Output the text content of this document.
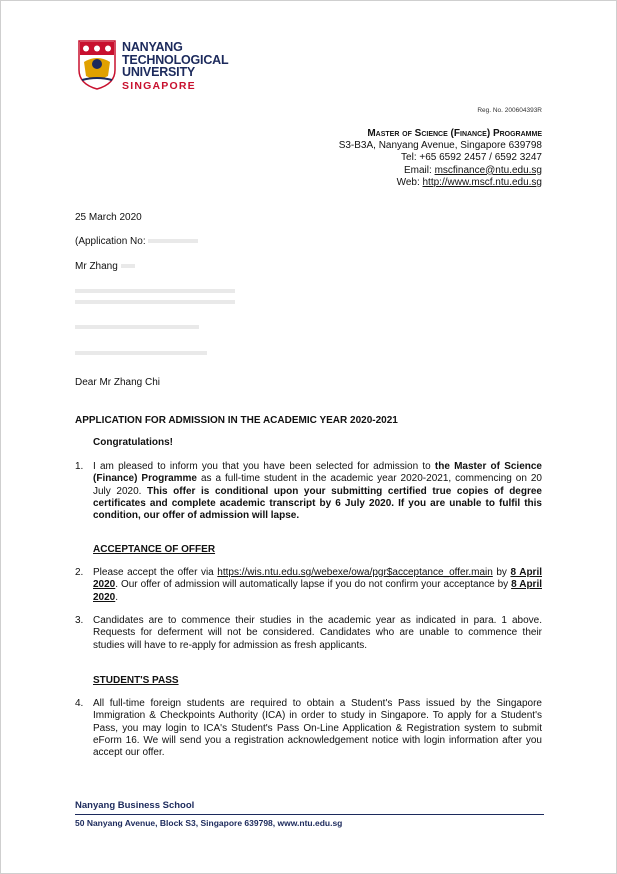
NANYANG
TECHNOLOGICAL
UNIVERSITY
SINGAPORE
Reg. No. 200604393R
Master of Science (Finance) Programme
S3-B3A, Nanyang Avenue, Singapore 639798
Tel: +65 6592 2457 / 6592 3247
Email: mscfinance@ntu.edu.sg
Web: http://www.mscf.ntu.edu.sg
25 March 2020
(Application No:
Mr Zhang
Dear Mr Zhang Chi
APPLICATION FOR ADMISSION IN THE ACADEMIC YEAR 2020-2021
Congratulations!
1. I am pleased to inform you that you have been selected for admission to the Master of Science (Finance) Programme as a full-time student in the academic year 2020-2021, commencing on 20 July 2020. This offer is conditional upon your submitting certified true copies of degree certificates and complete academic transcript by 6 July 2020. If you are unable to fulfil this condition, our offer of admission will lapse.
ACCEPTANCE OF OFFER
2. Please accept the offer via https://wis.ntu.edu.sg/webexe/owa/pgr$acceptance_offer.main by 8 April 2020. Our offer of admission will automatically lapse if you do not confirm your acceptance by 8 April 2020.
3. Candidates are to commence their studies in the academic year as indicated in para. 1 above. Requests for deferment will not be considered. Candidates who are unable to commence their studies will have to re-apply for admission as fresh applicants.
STUDENT'S PASS
4. All full-time foreign students are required to obtain a Student's Pass issued by the Singapore Immigration & Checkpoints Authority (ICA) in order to study in Singapore. To apply for a Student's Pass, you may login to ICA's Student's Pass On-Line Application & Registration system to submit eForm 16. We will send you a registration acknowledgement notice with login information after you accept our offer.
Nanyang Business School
50 Nanyang Avenue, Block S3, Singapore 639798, www.ntu.edu.sg
